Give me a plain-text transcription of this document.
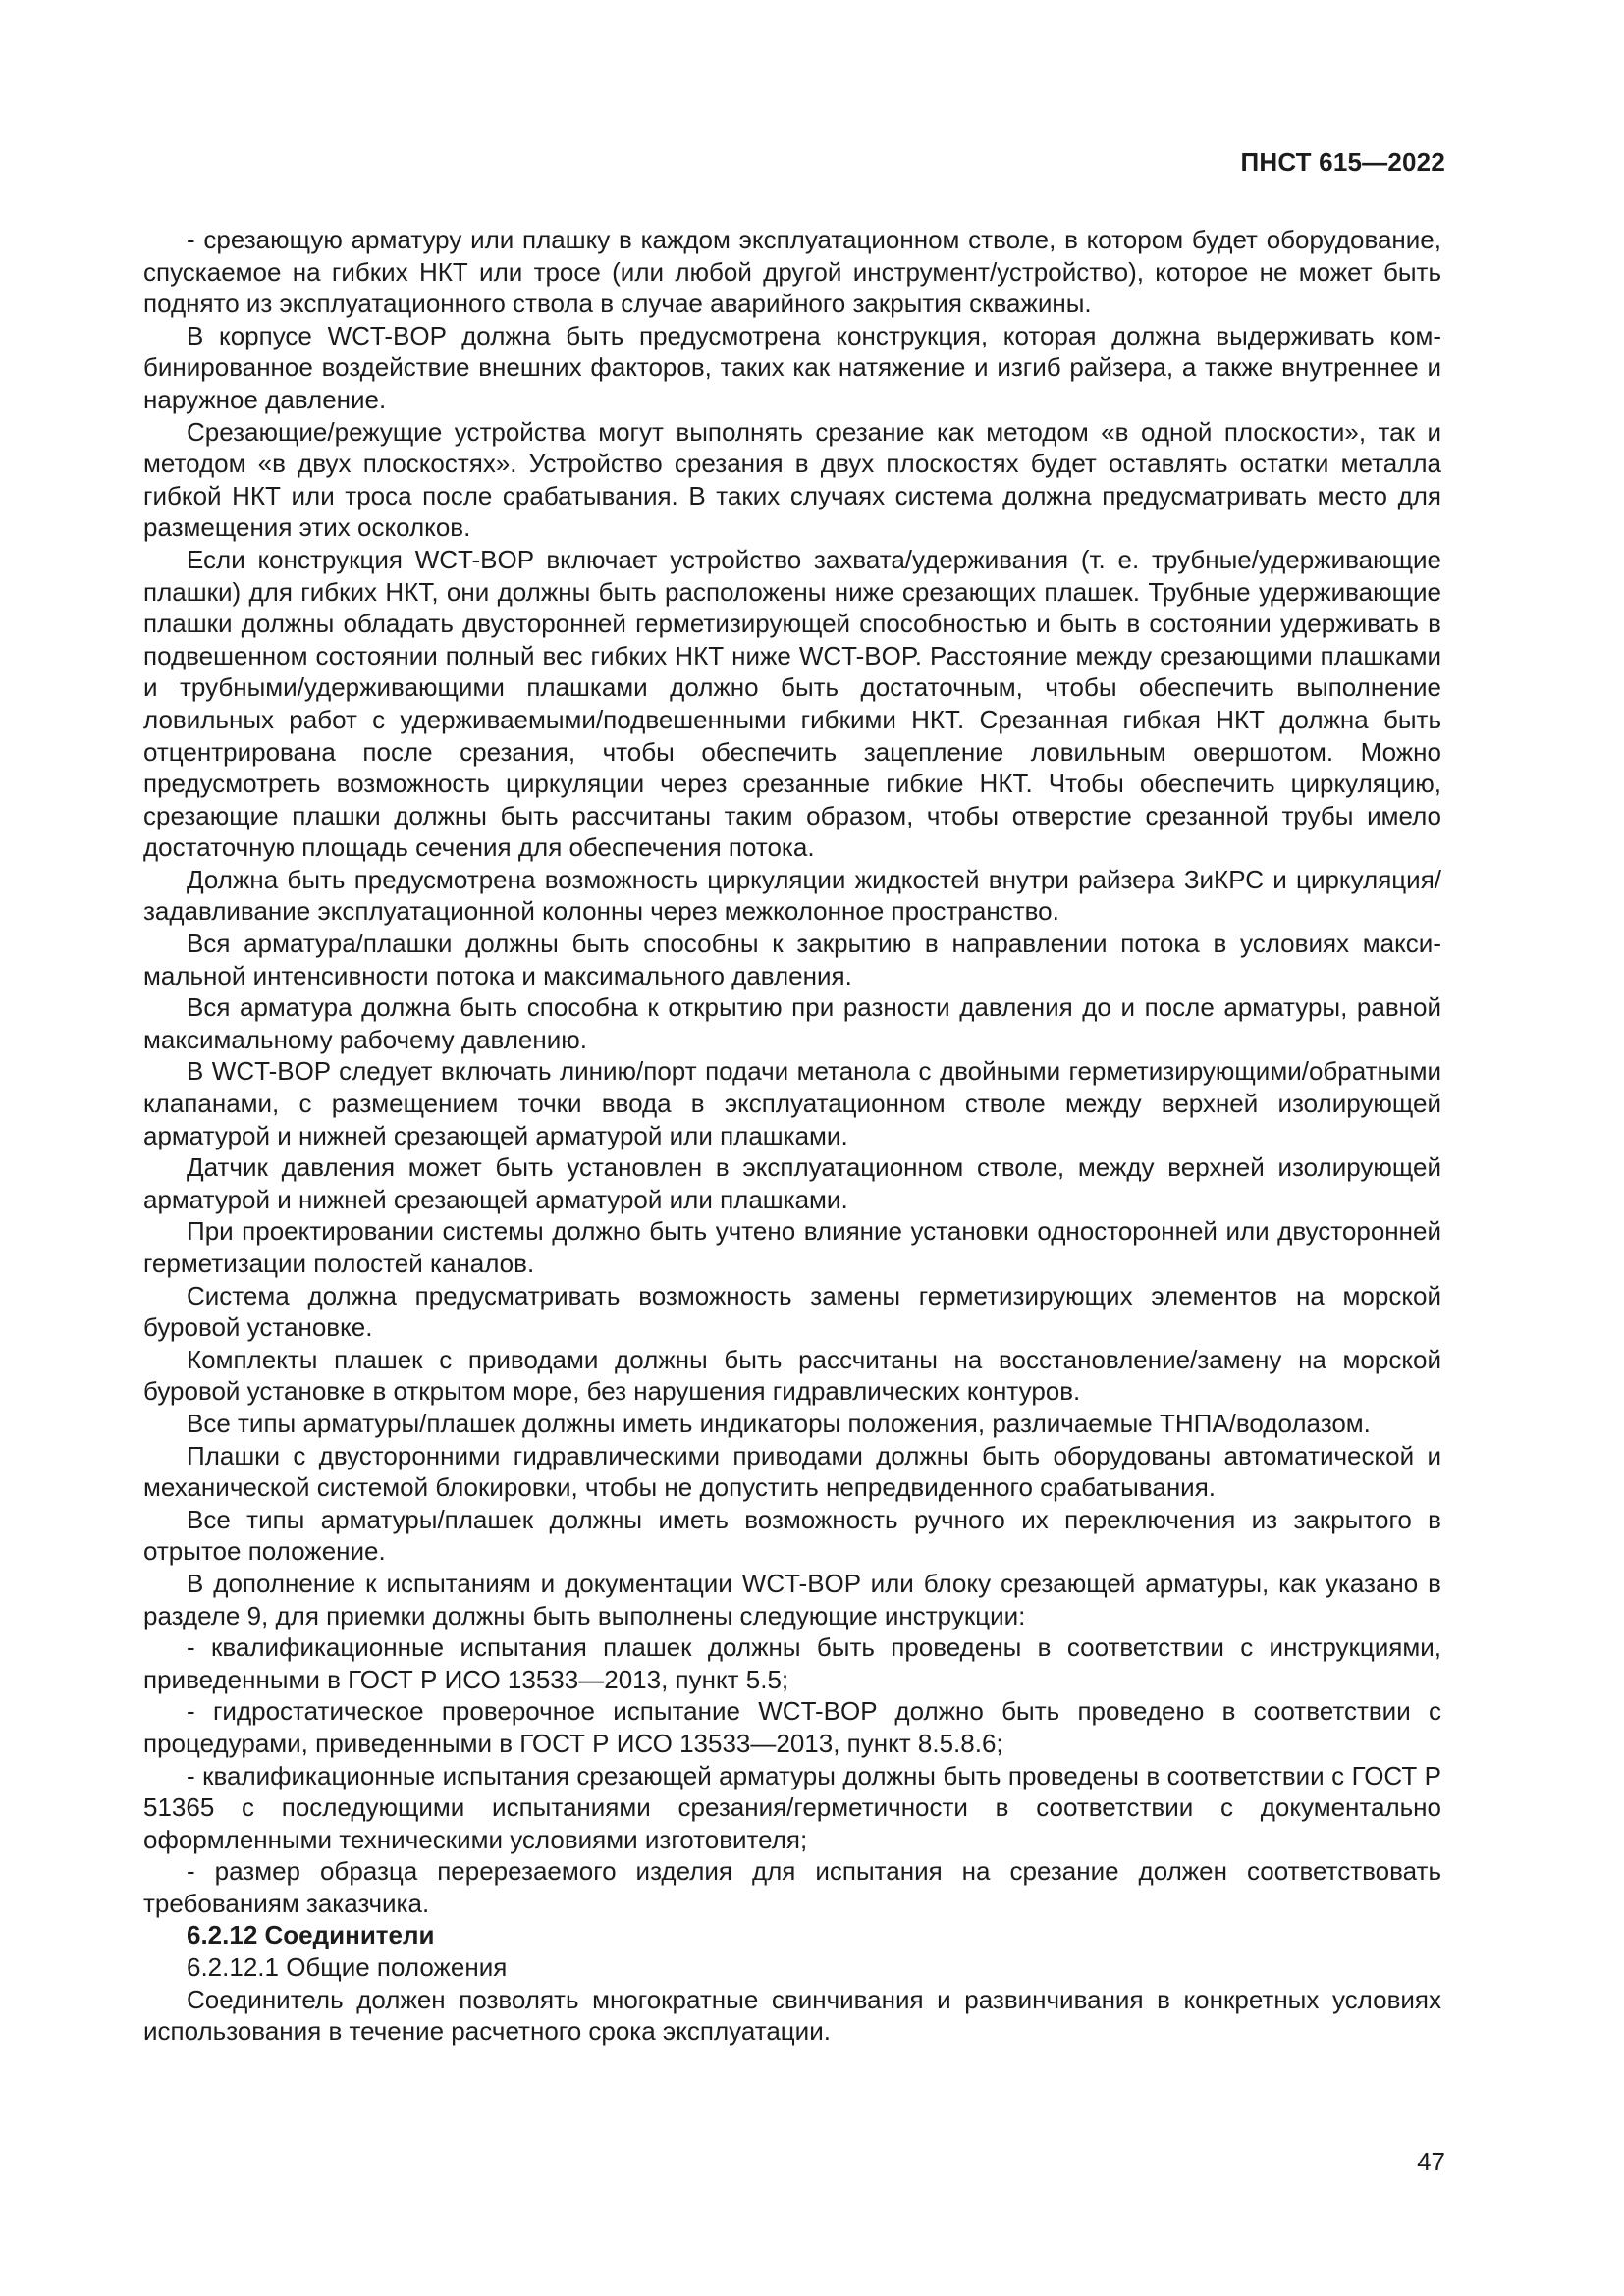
ПНСТ 615—2022

- срезающую арматуру или плашку в каждом эксплуатационном стволе, в котором будет оборудование, спускаемое на гибких НКТ или тросе (или любой другой инструмент/устройство), которое не может быть поднято из эксплуатационного ствола в случае аварийного закрытия скважины.

В корпусе WCT-BOP должна быть предусмотрена конструкция, которая должна выдерживать комбинированное воздействие внешних факторов, таких как натяжение и изгиб райзера, а также внутреннее и наружное давление.

Срезающие/режущие устройства могут выполнять срезание как методом «в одной плоскости», так и методом «в двух плоскостях». Устройство срезания в двух плоскостях будет оставлять остатки металла гибкой НКТ или троса после срабатывания. В таких случаях система должна предусматривать место для размещения этих осколков.

Если конструкция WCT-BOP включает устройство захвата/удерживания (т. е. трубные/удерживающие плашки) для гибких НКТ, они должны быть расположены ниже срезающих плашек. Трубные удерживающие плашки должны обладать двусторонней герметизирующей способностью и быть в состоянии удерживать в подвешенном состоянии полный вес гибких НКТ ниже WCT-BOP. Расстояние между срезающими плашками и трубными/удерживающими плашками должно быть достаточным, чтобы обеспечить выполнение ловильных работ с удерживаемыми/подвешенными гибкими НКТ. Срезанная гибкая НКТ должна быть отцентрирована после срезания, чтобы обеспечить зацепление ловильным овершотом. Можно предусмотреть возможность циркуляции через срезанные гибкие НКТ. Чтобы обеспечить циркуляцию, срезающие плашки должны быть рассчитаны таким образом, чтобы отверстие срезанной трубы имело достаточную площадь сечения для обеспечения потока.

Должна быть предусмотрена возможность циркуляции жидкостей внутри райзера ЗиКРС и циркуляция/задавливание эксплуатационной колонны через межколонное пространство.

Вся арматура/плашки должны быть способны к закрытию в направлении потока в условиях максимальной интенсивности потока и максимального давления.

Вся арматура должна быть способна к открытию при разности давления до и после арматуры, равной максимальному рабочему давлению.

В WCT-BOP следует включать линию/порт подачи метанола с двойными герметизирующими/обратными клапанами, с размещением точки ввода в эксплуатационном стволе между верхней изолирующей арматурой и нижней срезающей арматурой или плашками.

Датчик давления может быть установлен в эксплуатационном стволе, между верхней изолирующей арматурой и нижней срезающей арматурой или плашками.

При проектировании системы должно быть учтено влияние установки односторонней или двусторонней герметизации полостей каналов.

Система должна предусматривать возможность замены герметизирующих элементов на морской буровой установке.

Комплекты плашек с приводами должны быть рассчитаны на восстановление/замену на морской буровой установке в открытом море, без нарушения гидравлических контуров.

Все типы арматуры/плашек должны иметь индикаторы положения, различаемые ТНПА/водолазом.

Плашки с двусторонними гидравлическими приводами должны быть оборудованы автоматической и механической системой блокировки, чтобы не допустить непредвиденного срабатывания.

Все типы арматуры/плашек должны иметь возможность ручного их переключения из закрытого в отрытое положение.

В дополнение к испытаниям и документации WCT-BOP или блоку срезающей арматуры, как указано в разделе 9, для приемки должны быть выполнены следующие инструкции:

- квалификационные испытания плашек должны быть проведены в соответствии с инструкциями, приведенными в ГОСТ Р ИСО 13533—2013, пункт 5.5;

- гидростатическое проверочное испытание WCT-BOP должно быть проведено в соответствии с процедурами, приведенными в ГОСТ Р ИСО 13533—2013, пункт 8.5.8.6;

- квалификационные испытания срезающей арматуры должны быть проведены в соответствии с ГОСТ Р 51365 с последующими испытаниями срезания/герметичности в соответствии с документально оформленными техническими условиями изготовителя;

- размер образца перерезаемого изделия для испытания на срезание должен соответствовать требованиям заказчика.

6.2.12 Соединители

6.2.12.1 Общие положения

Соединитель должен позволять многократные свинчивания и развинчивания в конкретных условиях использования в течение расчетного срока эксплуатации.

47
